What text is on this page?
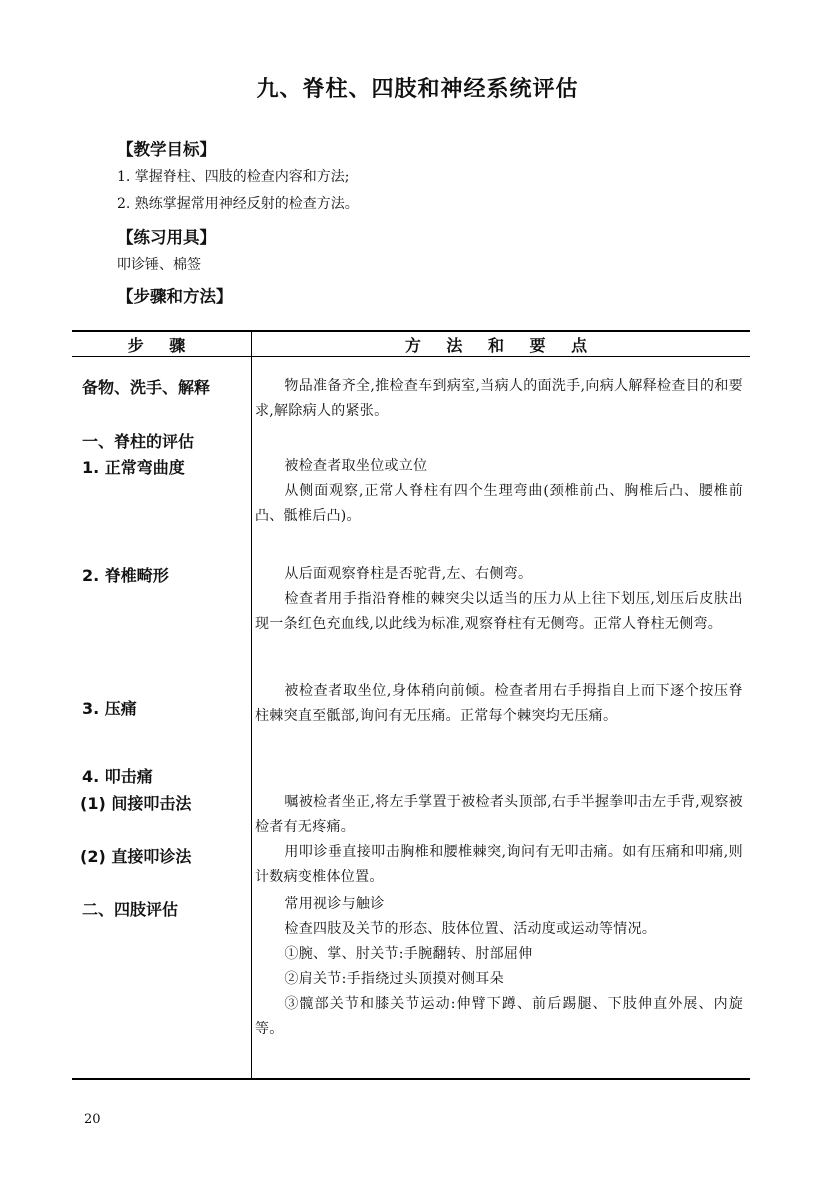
九、脊柱、四肢和神经系统评估
【教学目标】
1. 掌握脊柱、四肢的检查内容和方法;
2. 熟练掌握常用神经反射的检查方法。
【练习用具】
叩诊锤、棉签
【步骤和方法】
步 骤	方 法 和 要 点
备物、洗手、解释
一、脊柱的评估
1. 正常弯曲度
2. 脊椎畸形
3. 压痛
4. 叩击痛
(1) 间接叩击法
(2) 直接叩诊法
二、四肢评估

物品准备齐全,推检查车到病室,当病人的面洗手,向病人解释检查目的和要求,解除病人的紧张。

被检查者取坐位或立位

从侧面观察,正常人脊柱有四个生理弯曲(颈椎前凸、胸椎后凸、腰椎前凸、骶椎后凸)。

从后面观察脊柱是否驼背,左、右侧弯。

检查者用手指沿脊椎的棘突尖以适当的压力从上往下划压,划压后皮肤出现一条红色充血线,以此线为标准,观察脊柱有无侧弯。正常人脊柱无侧弯。

被检查者取坐位,身体稍向前倾。检查者用右手拇指自上而下逐个按压脊柱棘突直至骶部,询问有无压痛。正常每个棘突均无压痛。

嘱被检者坐正,将左手掌置于被检者头顶部,右手半握拳叩击左手背,观察被检者有无疼痛。

用叩诊垂直接叩击胸椎和腰椎棘突,询问有无叩击痛。如有压痛和叩痛,则计数病变椎体位置。

常用视诊与触诊

检查四肢及关节的形态、肢体位置、活动度或运动等情况。

①腕、掌、肘关节:手腕翻转、肘部屈伸

②肩关节:手指绕过头顶摸对侧耳朵

③髋部关节和膝关节运动:伸臂下蹲、前后踢腿、下肢伸直外展、内旋等。

20
